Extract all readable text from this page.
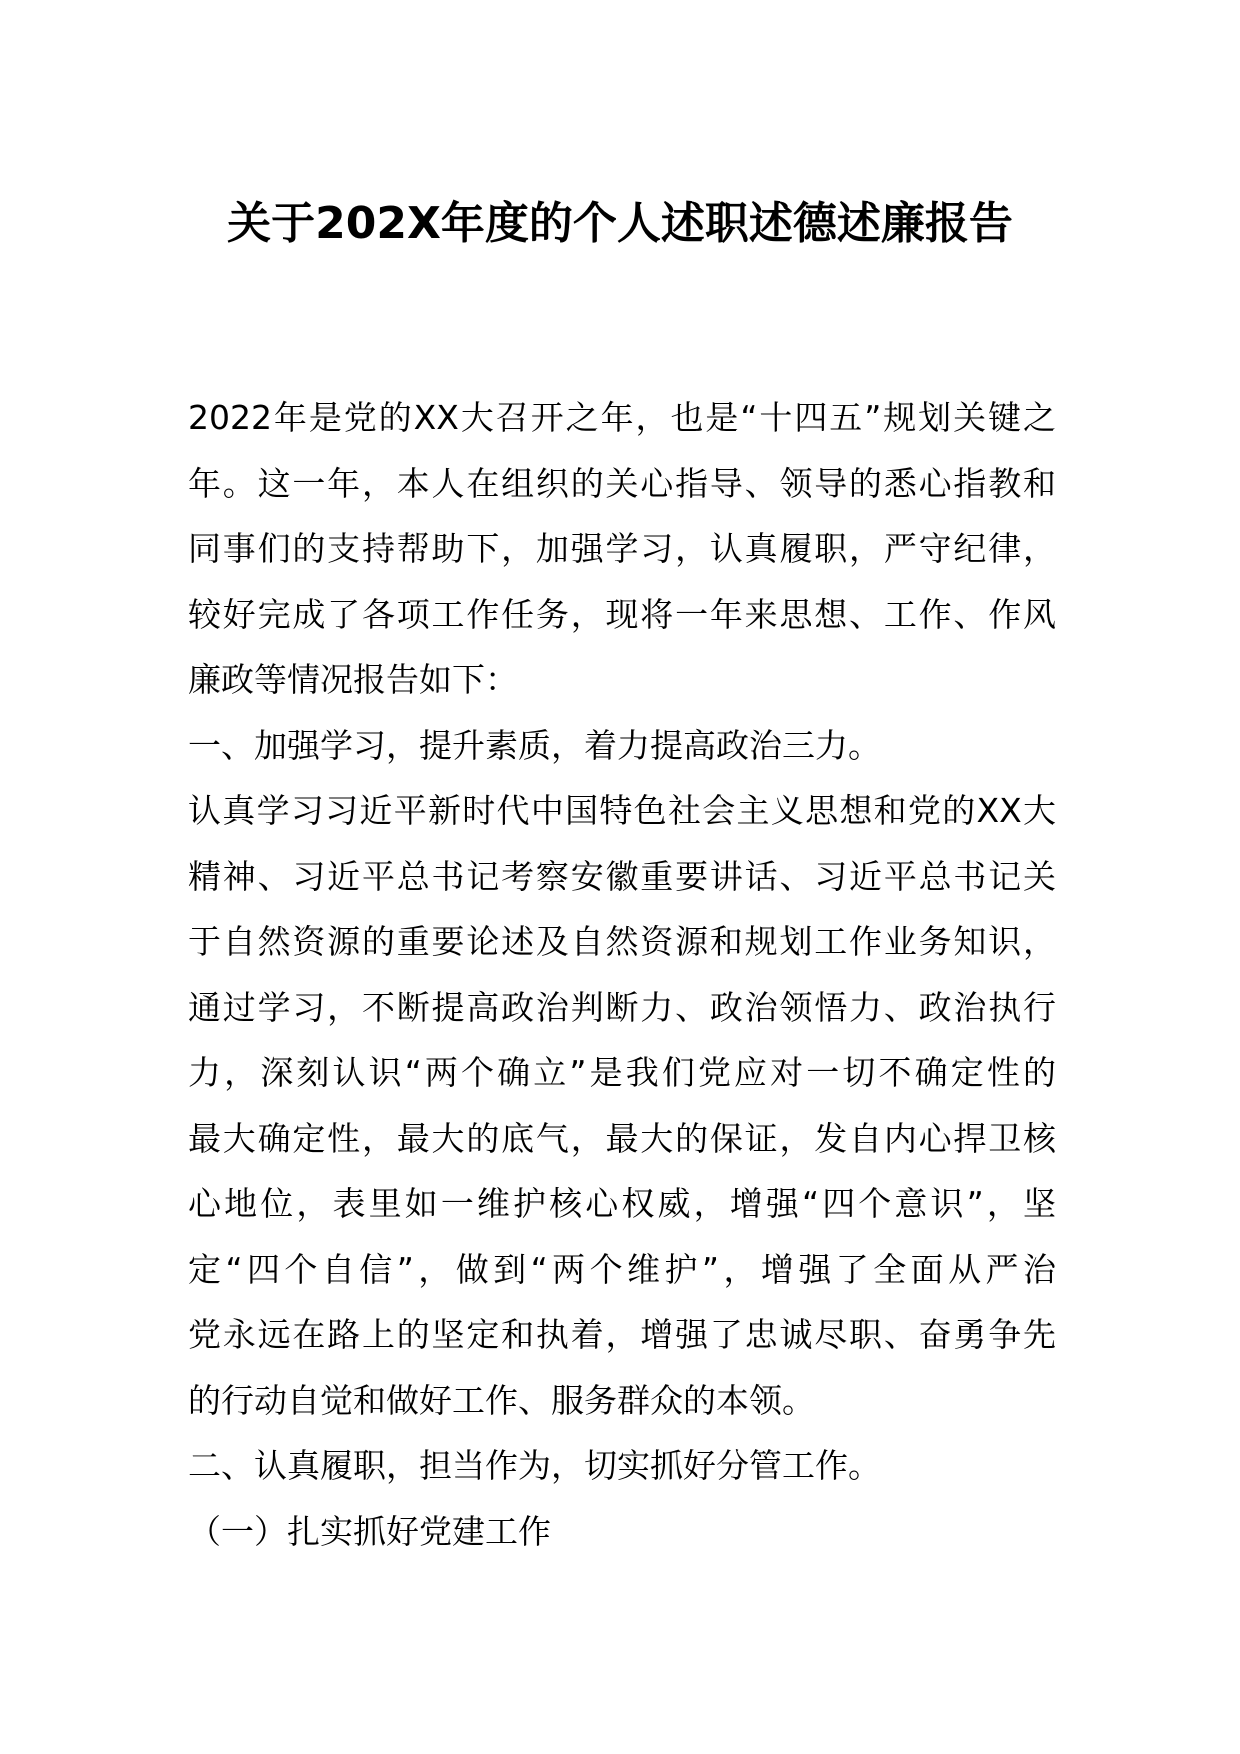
关于202X年度的个人述职述德述廉报告
2022年是党的XX大召开之年，也是“十四五”规划关键之
年。这一年，本人在组织的关心指导、领导的悉心指教和
同事们的支持帮助下，加强学习，认真履职，严守纪律，
较好完成了各项工作任务，现将一年来思想、工作、作风
廉政等情况报告如下：
一、加强学习，提升素质，着力提高政治三力。
认真学习习近平新时代中国特色社会主义思想和党的XX大
精神、习近平总书记考察安徽重要讲话、习近平总书记关
于自然资源的重要论述及自然资源和规划工作业务知识，
通过学习，不断提高政治判断力、政治领悟力、政治执行
力，深刻认识“两个确立”是我们党应对一切不确定性的
最大确定性，最大的底气，最大的保证，发自内心捍卫核
心地位，表里如一维护核心权威，增强“四个意识”，坚
定“四个自信”，做到“两个维护”，增强了全面从严治
党永远在路上的坚定和执着，增强了忠诚尽职、奋勇争先
的行动自觉和做好工作、服务群众的本领。
二、认真履职，担当作为，切实抓好分管工作。
（一）扎实抓好党建工作
